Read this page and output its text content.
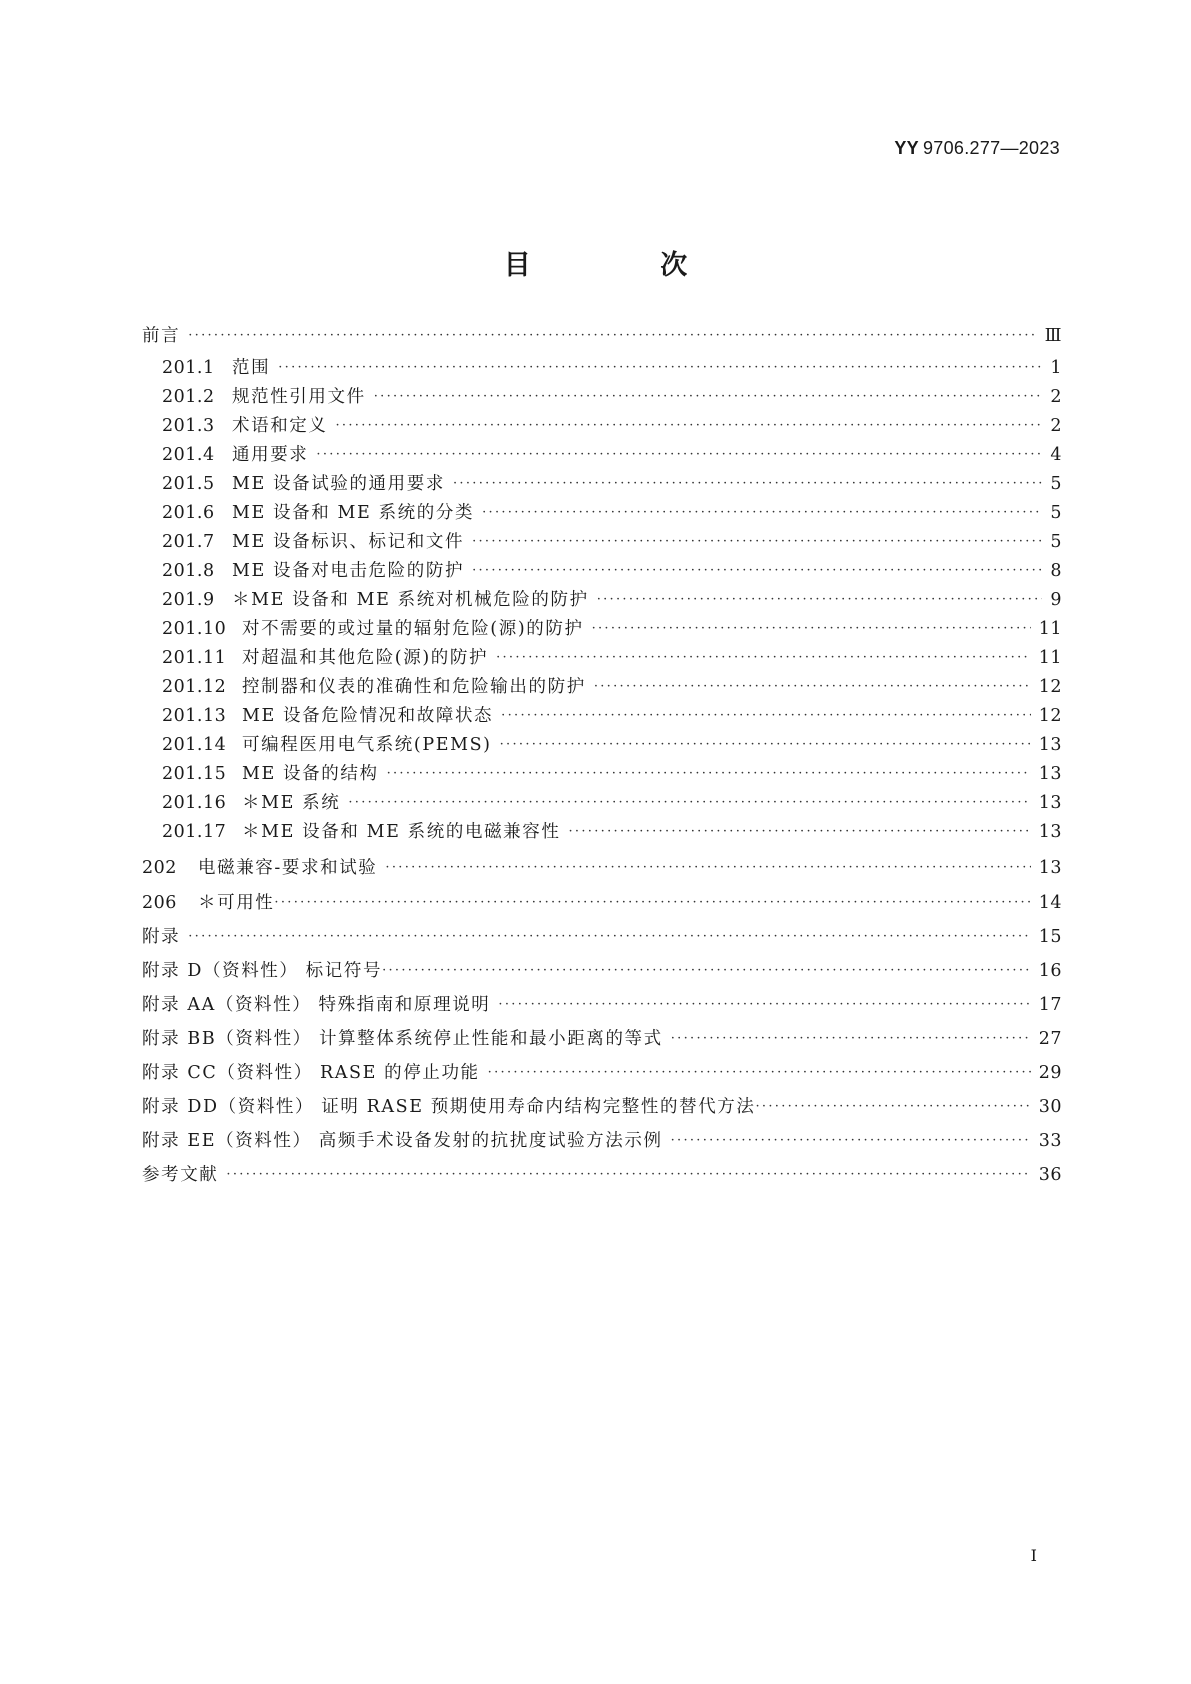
YY 9706.277—2023
目 次
前言 ·····	Ⅲ
201.1 范围 ·····	1
201.2 规范性引用文件 ·····	2
201.3 术语和定义 ·····	2
201.4 通用要求 ·····	4
201.5 ME 设备试验的通用要求 ·····	5
201.6 ME 设备和 ME 系统的分类 ·····	5
201.7 ME 设备标识、标记和文件 ·····	5
201.8 ME 设备对电击危险的防护 ·····	8
201.9 ＊ME 设备和 ME 系统对机械危险的防护 ·····	9
201.10 对不需要的或过量的辐射危险(源)的防护 ·····	11
201.11 对超温和其他危险(源)的防护 ·····	11
201.12 控制器和仪表的准确性和危险输出的防护 ·····	12
201.13 ME 设备危险情况和故障状态 ·····	12
201.14 可编程医用电气系统(PEMS) ·····	13
201.15 ME 设备的结构 ·····	13
201.16 ＊ME 系统 ·····	13
201.17 ＊ME 设备和 ME 系统的电磁兼容性 ·····	13
202	电磁兼容-要求和试验 ·····	13
206	＊可用性 ·····	14
附录 ·····	15
附录 D（资料性） 标记符号 ·····	16
附录 AA（资料性） 特殊指南和原理说明 ·····	17
附录 BB（资料性） 计算整体系统停止性能和最小距离的等式 ·····	27
附录 CC（资料性） RASE 的停止功能 ·····	29
附录 DD（资料性） 证明 RASE 预期使用寿命内结构完整性的替代方法 ·····	30
附录 EE（资料性） 高频手术设备发射的抗扰度试验方法示例 ·····	33
参考文献 ·····	36
Ⅰ
